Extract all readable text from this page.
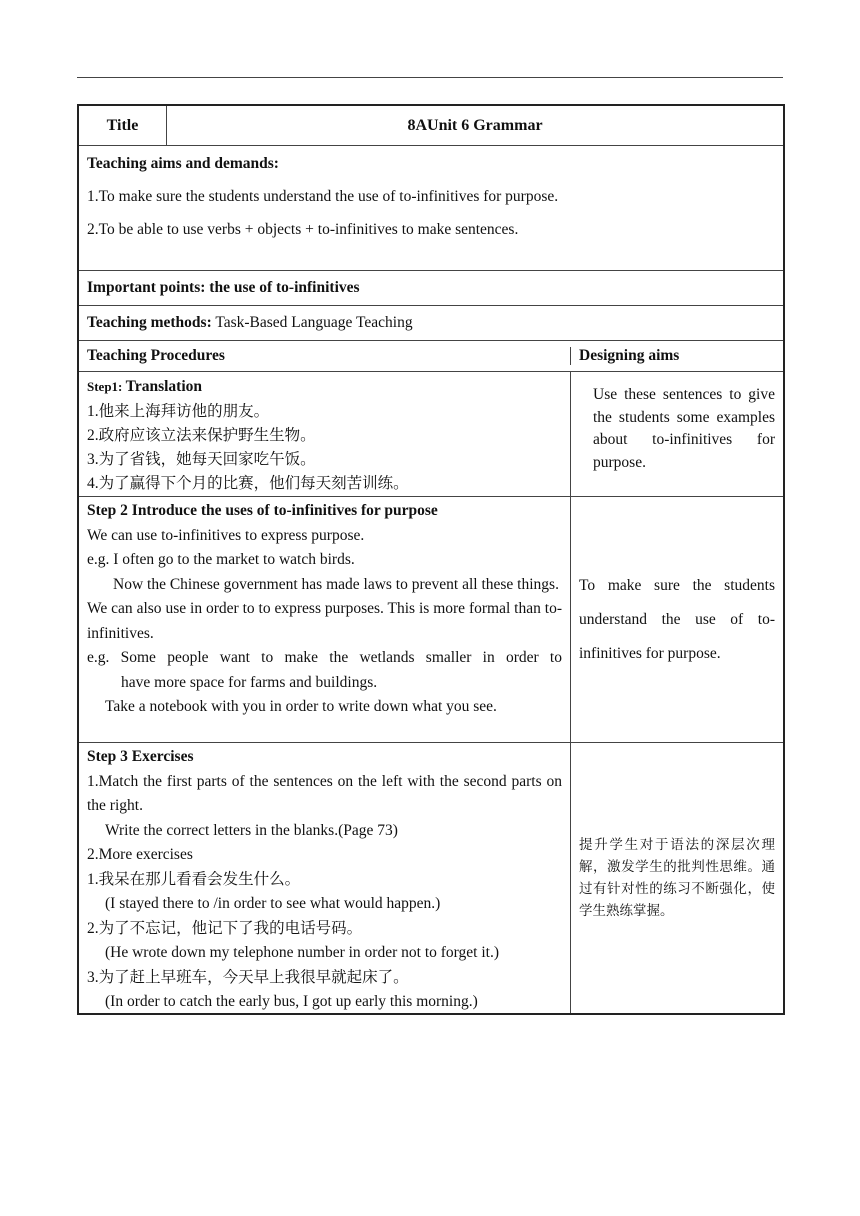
Title	8AUnit 6 Grammar

Teaching aims and demands:

1.To make sure the students understand the use of to-infinitives for purpose.

2.To be able to use verbs + objects + to-infinitives to make sentences.

Important points: the use of to-infinitives
Teaching methods: Task-Based Language Teaching
Teaching Procedures	Designing aims

Step1: Translation

1.他来上海拜访他的朋友。

2.政府应该立法来保护野生生物。

3.为了省钱，她每天回家吃午饭。

4.为了赢得下个月的比赛，他们每天刻苦训练。

Use these sentences to give the students some examples about to-infinitives for purpose.

Step 2 Introduce the uses of to-infinitives for purpose

We can use to-infinitives to express purpose.

e.g. I often go to the market to watch birds.

Now the Chinese government has made laws to prevent all these things.

We can also use in order to to express purposes. This is more formal than to-infinitives.

e.g. Some people want to make the wetlands smaller in order to

have more space for farms and buildings.

Take a notebook with you in order to write down what you see.

To make sure the students understand the use of to-infinitives for purpose.

Step 3 Exercises

1.Match the first parts of the sentences on the left with the second parts on the right.

Write the correct letters in the blanks.(Page 73)

2.More exercises

1.我呆在那儿看看会发生什么。

(I stayed there to /in order to see what would happen.)

2.为了不忘记，他记下了我的电话号码。

(He wrote down my telephone number in order not to forget it.)

3.为了赶上早班车，今天早上我很早就起床了。

(In order to catch the early bus, I got up early this morning.)

提升学生对于语法的深层次理解，激发学生的批判性思维。通过有针对性的练习不断强化，使学生熟练掌握。
